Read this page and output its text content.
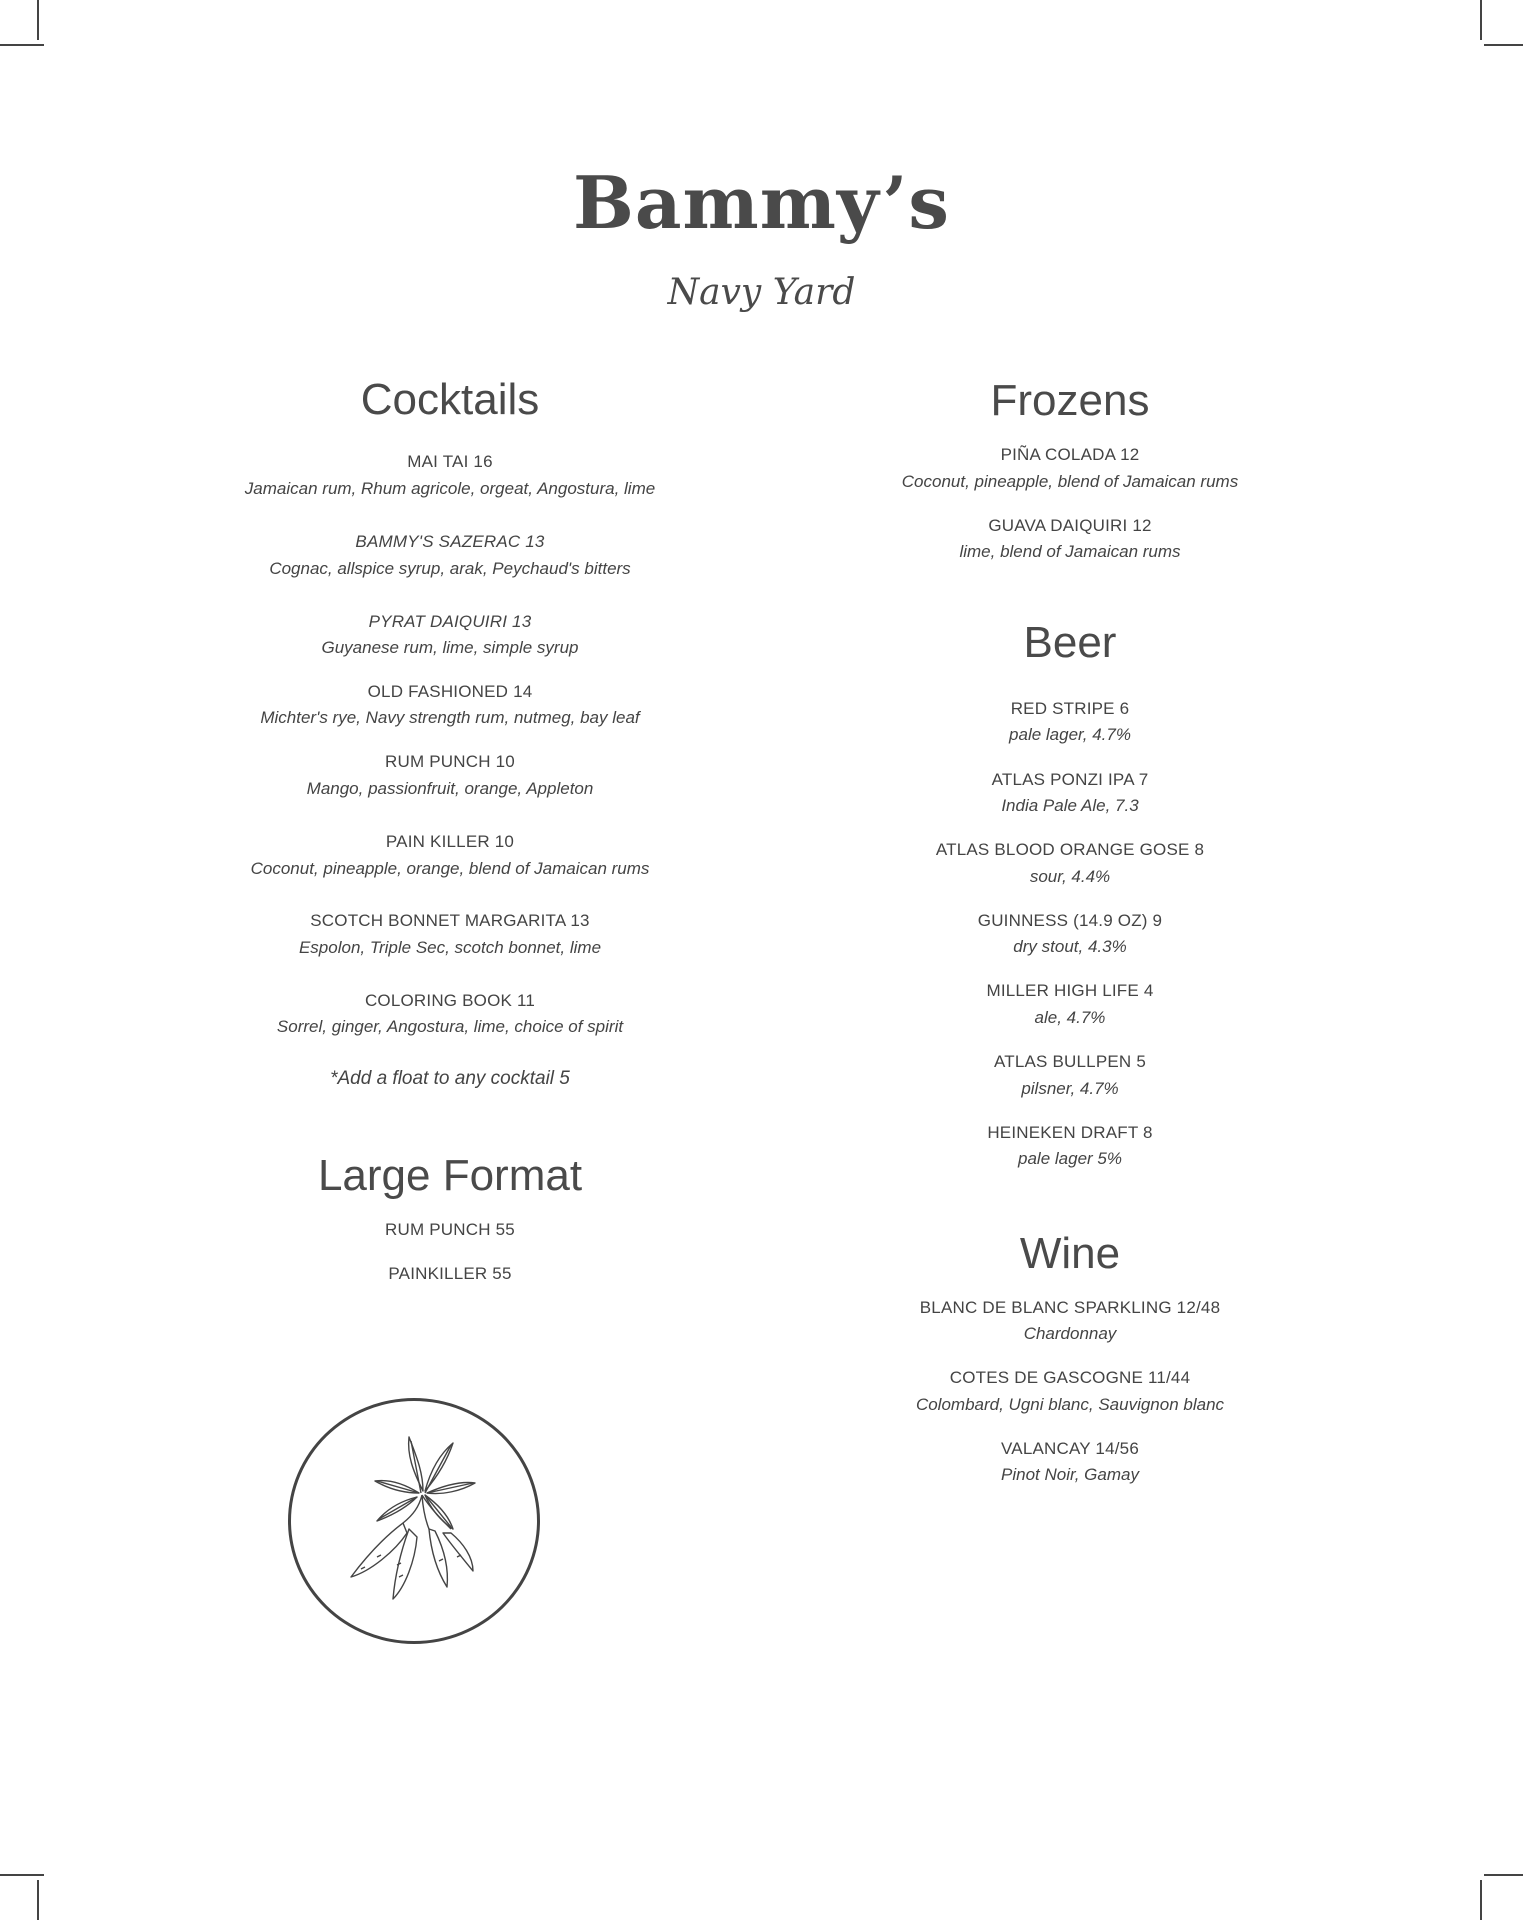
Bammy’s
Navy Yard
Cocktails
MAI TAI 16
Jamaican rum, Rhum agricole, orgeat, Angostura, lime
BAMMY'S SAZERAC 13
Cognac, allspice syrup, arak, Peychaud's bitters
PYRAT DAIQUIRI 13
Guyanese rum, lime, simple syrup
OLD FASHIONED 14
Michter's rye, Navy strength rum, nutmeg, bay leaf
RUM PUNCH 10
Mango, passionfruit, orange, Appleton
PAIN KILLER 10
Coconut, pineapple, orange, blend of Jamaican rums
SCOTCH BONNET MARGARITA 13
Espolon, Triple Sec, scotch bonnet, lime
COLORING BOOK 11
Sorrel, ginger, Angostura, lime, choice of spirit
*Add a float to any cocktail 5
Large Format
RUM PUNCH 55
PAINKILLER 55
Frozens
PIÑA COLADA 12
Coconut, pineapple, blend of Jamaican rums
GUAVA DAIQUIRI 12
lime, blend of Jamaican rums
Beer
RED STRIPE 6
pale lager, 4.7%
ATLAS PONZI IPA 7
India Pale Ale, 7.3
ATLAS BLOOD ORANGE GOSE 8
sour, 4.4%
GUINNESS (14.9 OZ) 9
dry stout, 4.3%
MILLER HIGH LIFE 4
ale, 4.7%
ATLAS BULLPEN 5
pilsner, 4.7%
HEINEKEN DRAFT 8
pale lager 5%
Wine
BLANC DE BLANC SPARKLING 12/48
Chardonnay
COTES DE GASCOGNE 11/44
Colombard, Ugni blanc, Sauvignon blanc
VALANCAY 14/56
Pinot Noir, Gamay
